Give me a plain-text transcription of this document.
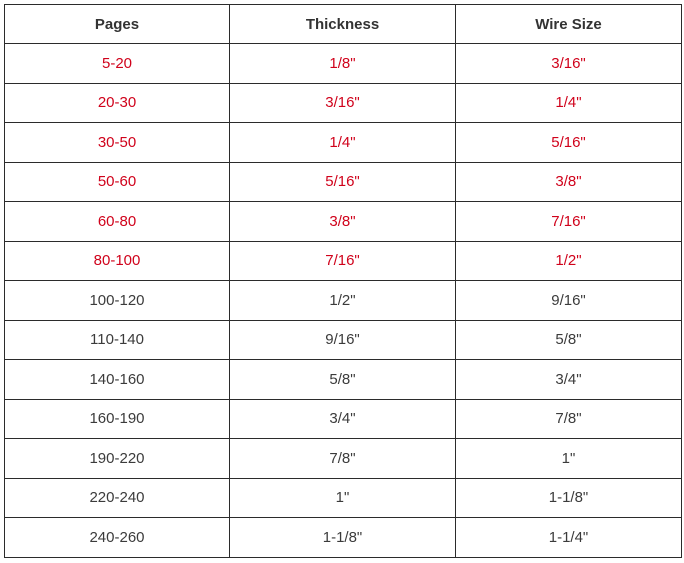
Pages	Thickness	Wire Size
5-20	1/8"	3/16"
20-30	3/16"	1/4"
30-50	1/4"	5/16"
50-60	5/16"	3/8"
60-80	3/8"	7/16"
80-100	7/16"	1/2"
100-120	1/2"	9/16"
110-140	9/16"	5/8"
140-160	5/8"	3/4"
160-190	3/4"	7/8"
190-220	7/8"	1"
220-240	1"	1-1/8"
240-260	1-1/8"	1-1/4"
